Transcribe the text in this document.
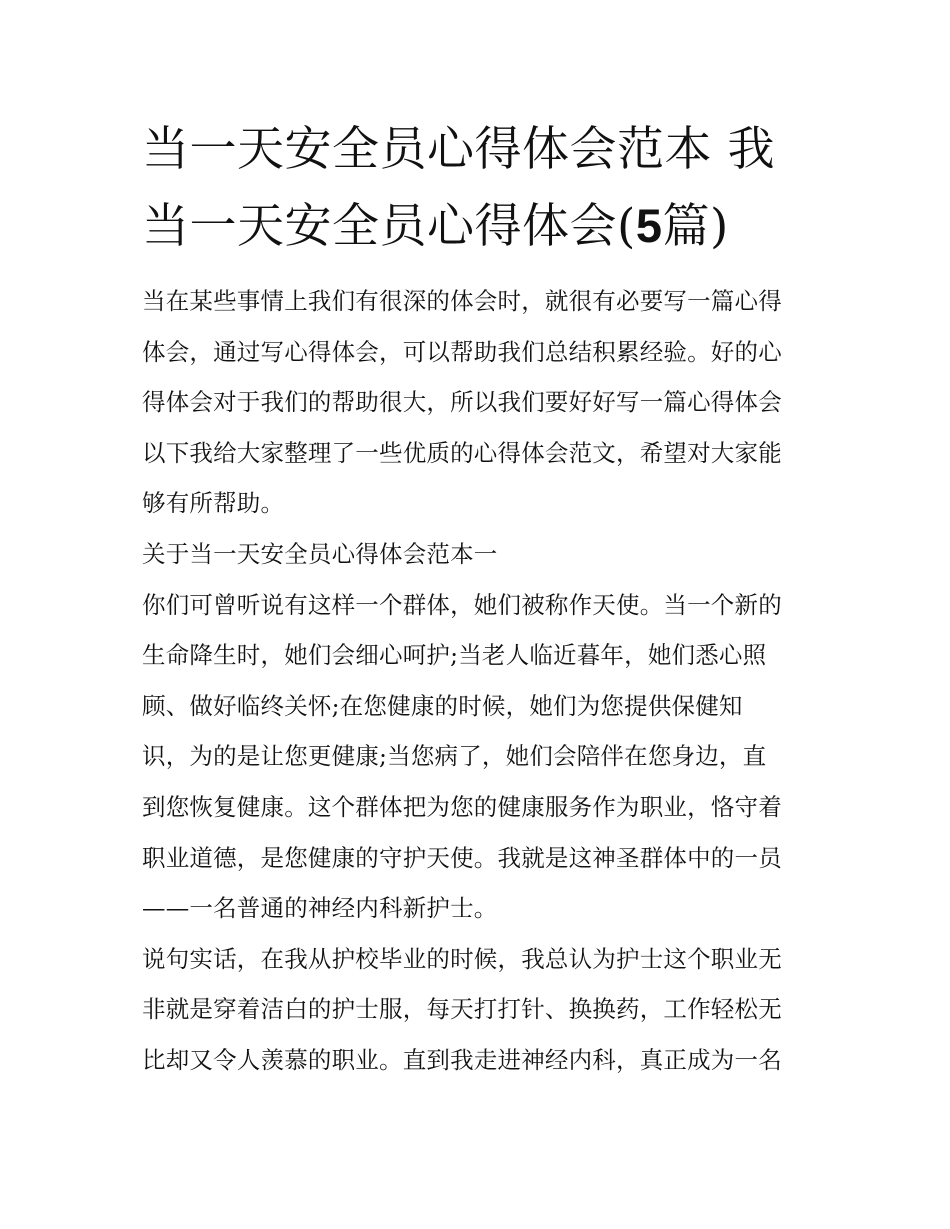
当一天安全员心得体会范本 我
当一天安全员心得体会(5篇)
当在某些事情上我们有很深的体会时，就很有必要写一篇心得
体会，通过写心得体会，可以帮助我们总结积累经验。好的心
得体会对于我们的帮助很大，所以我们要好好写一篇心得体会
以下我给大家整理了一些优质的心得体会范文，希望对大家能
够有所帮助。
关于当一天安全员心得体会范本一
你们可曾听说有这样一个群体，她们被称作天使。当一个新的
生命降生时，她们会细心呵护;当老人临近暮年，她们悉心照
顾、做好临终关怀;在您健康的时候，她们为您提供保健知
识，为的是让您更健康;当您病了，她们会陪伴在您身边，直
到您恢复健康。这个群体把为您的健康服务作为职业，恪守着
职业道德，是您健康的守护天使。我就是这神圣群体中的一员
——一名普通的神经内科新护士。
说句实话，在我从护校毕业的时候，我总认为护士这个职业无
非就是穿着洁白的护士服，每天打打针、换换药，工作轻松无
比却又令人羡慕的职业。直到我走进神经内科，真正成为一名
